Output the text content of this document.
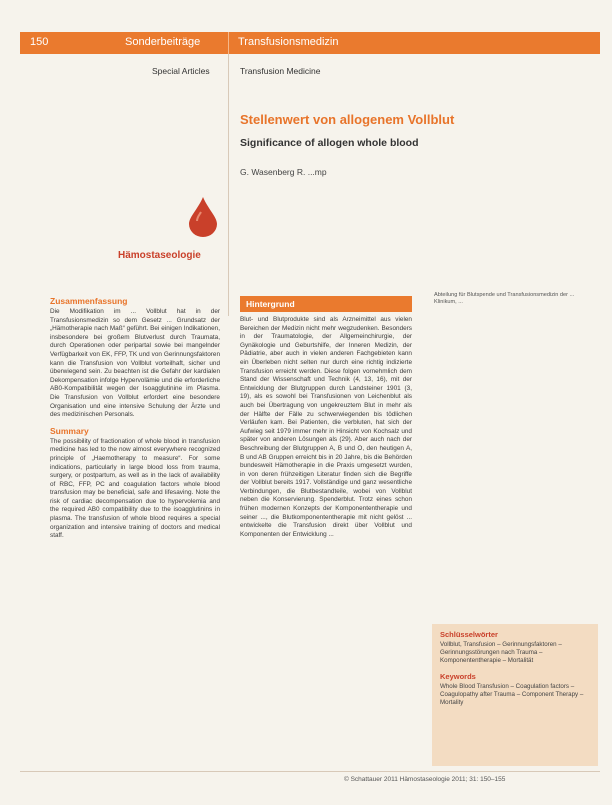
150	Sonderbeiträge	Transfusionsmedizin
Special Articles	Transfusion Medicine
Stellenwert von allogenem Vollblut
Significance of allogen whole blood
G. Wasenberg R. ...mp
Hämostaseologie
Zusammenfassung
Die Modifikation im ... Vollblut hat in der Transfusionsmedizin so dem Gesetz ... Grundsatz der „Hämotherapie nach Maß“ geführt. Bei einigen Indikationen, insbesondere bei großem Blutverlust durch Traumata, durch Operationen oder peripartal sowie bei mangelnder Verfügbarkeit von EK, FFP, TK und von Gerinnungsfaktoren kann die Transfusion von Vollblut vorteilhaft, sicher und überwiegend sein. Zu beachten ist die Gefahr der kardialen Dekompensation infolge Hypervolämie und die erforderliche AB0-Kompatibilität wegen der Isoagglutinine im Plasma. Die Transfusion von Vollblut erfordert eine besondere Organisation und eine intensive Schulung der Ärzte und des medizinischen Personals.
Summary
The possibility of fractionation of whole blood in transfusion medicine has led to the now almost everywhere recognized principle of „Haemotherapy to measure“. For some indications, particularly in large blood loss from trauma, surgery, or postpartum, as well as in the lack of availability of RBC, FFP, PC and coagulation factors whole blood transfusion may be beneficial, safe and lifesaving. Note the risk of cardiac decompensation due to hypervolemia and the required AB0 compatibility due to the isoagglutinins in plasma. The transfusion of whole blood requires a special organization and intensive training of doctors and medical staff.
Hintergrund
Blut- und Blutprodukte sind als Arzneimittel aus vielen Bereichen der Medizin nicht mehr wegzudenken. Besonders in der Traumatologie, der Allgemeinchirurgie, der Gynäkologie und Geburtshilfe, der Inneren Medizin, der Pädiatrie, aber auch in vielen anderen Fachgebieten kann ein Überleben nicht selten nur durch eine richtig indizierte Transfusion erreicht werden. Diese folgen vornehmlich dem Stand der Wissenschaft und Technik (4, 13, 16), mit der Entwicklung der Blutgruppen durch Landsteiner 1901 (3, 19), als es sowohl bei Transfusionen von Leichenblut als auch bei Übertragung von ungekreuztem Blut in mehr als der Hälfte der Fälle zu schwerwiegenden bis tödlichen Verläufen kam. Bei Patienten, die verbluten, hat sich der Aufwieg seit 1979 immer mehr in Hinsicht von Kochsalz und später von anderen Lösungen als (29). Aber auch nach der Beschreibung der Blutgruppen A, B und O, den heutigen A, B und AB Gruppen erreicht bis in 20 Jahre, bis die Behörden bundesweit Hämotherapie in die Praxis umgesetzt wurden, in von deren frühzeitigen Literatur finden sich die Begriffe der Vollblut bereits 1917. Vollständige und ganz wesentliche Verbindungen, die Blutbestandteile, wobei von Vollblut neben die Konservierung. Spenderblut. Trotz eines schon frühen modernen Konzepts der Komponententherapie und seiner ..., die Blutkomponententherapie mit nicht gelöst ... entwickelte die Transfusion direkt über Vollblut und Komponenten der Entwicklung ...
Abteilung für Blutspende und Transfusionsmedizin der ... Klinikum, ...
Schlüsselwörter
Vollblut, Transfusion – Gerinnungsfaktoren – Gerinnungsstörungen nach Trauma – Komponententherapie – Mortalität
Keywords
Whole Blood Transfusion – Coagulation factors – Coagulopathy after Trauma – Component Therapy – Mortality
© Schattauer 2011 Hämostaseologie 2011; 31: 150–155
